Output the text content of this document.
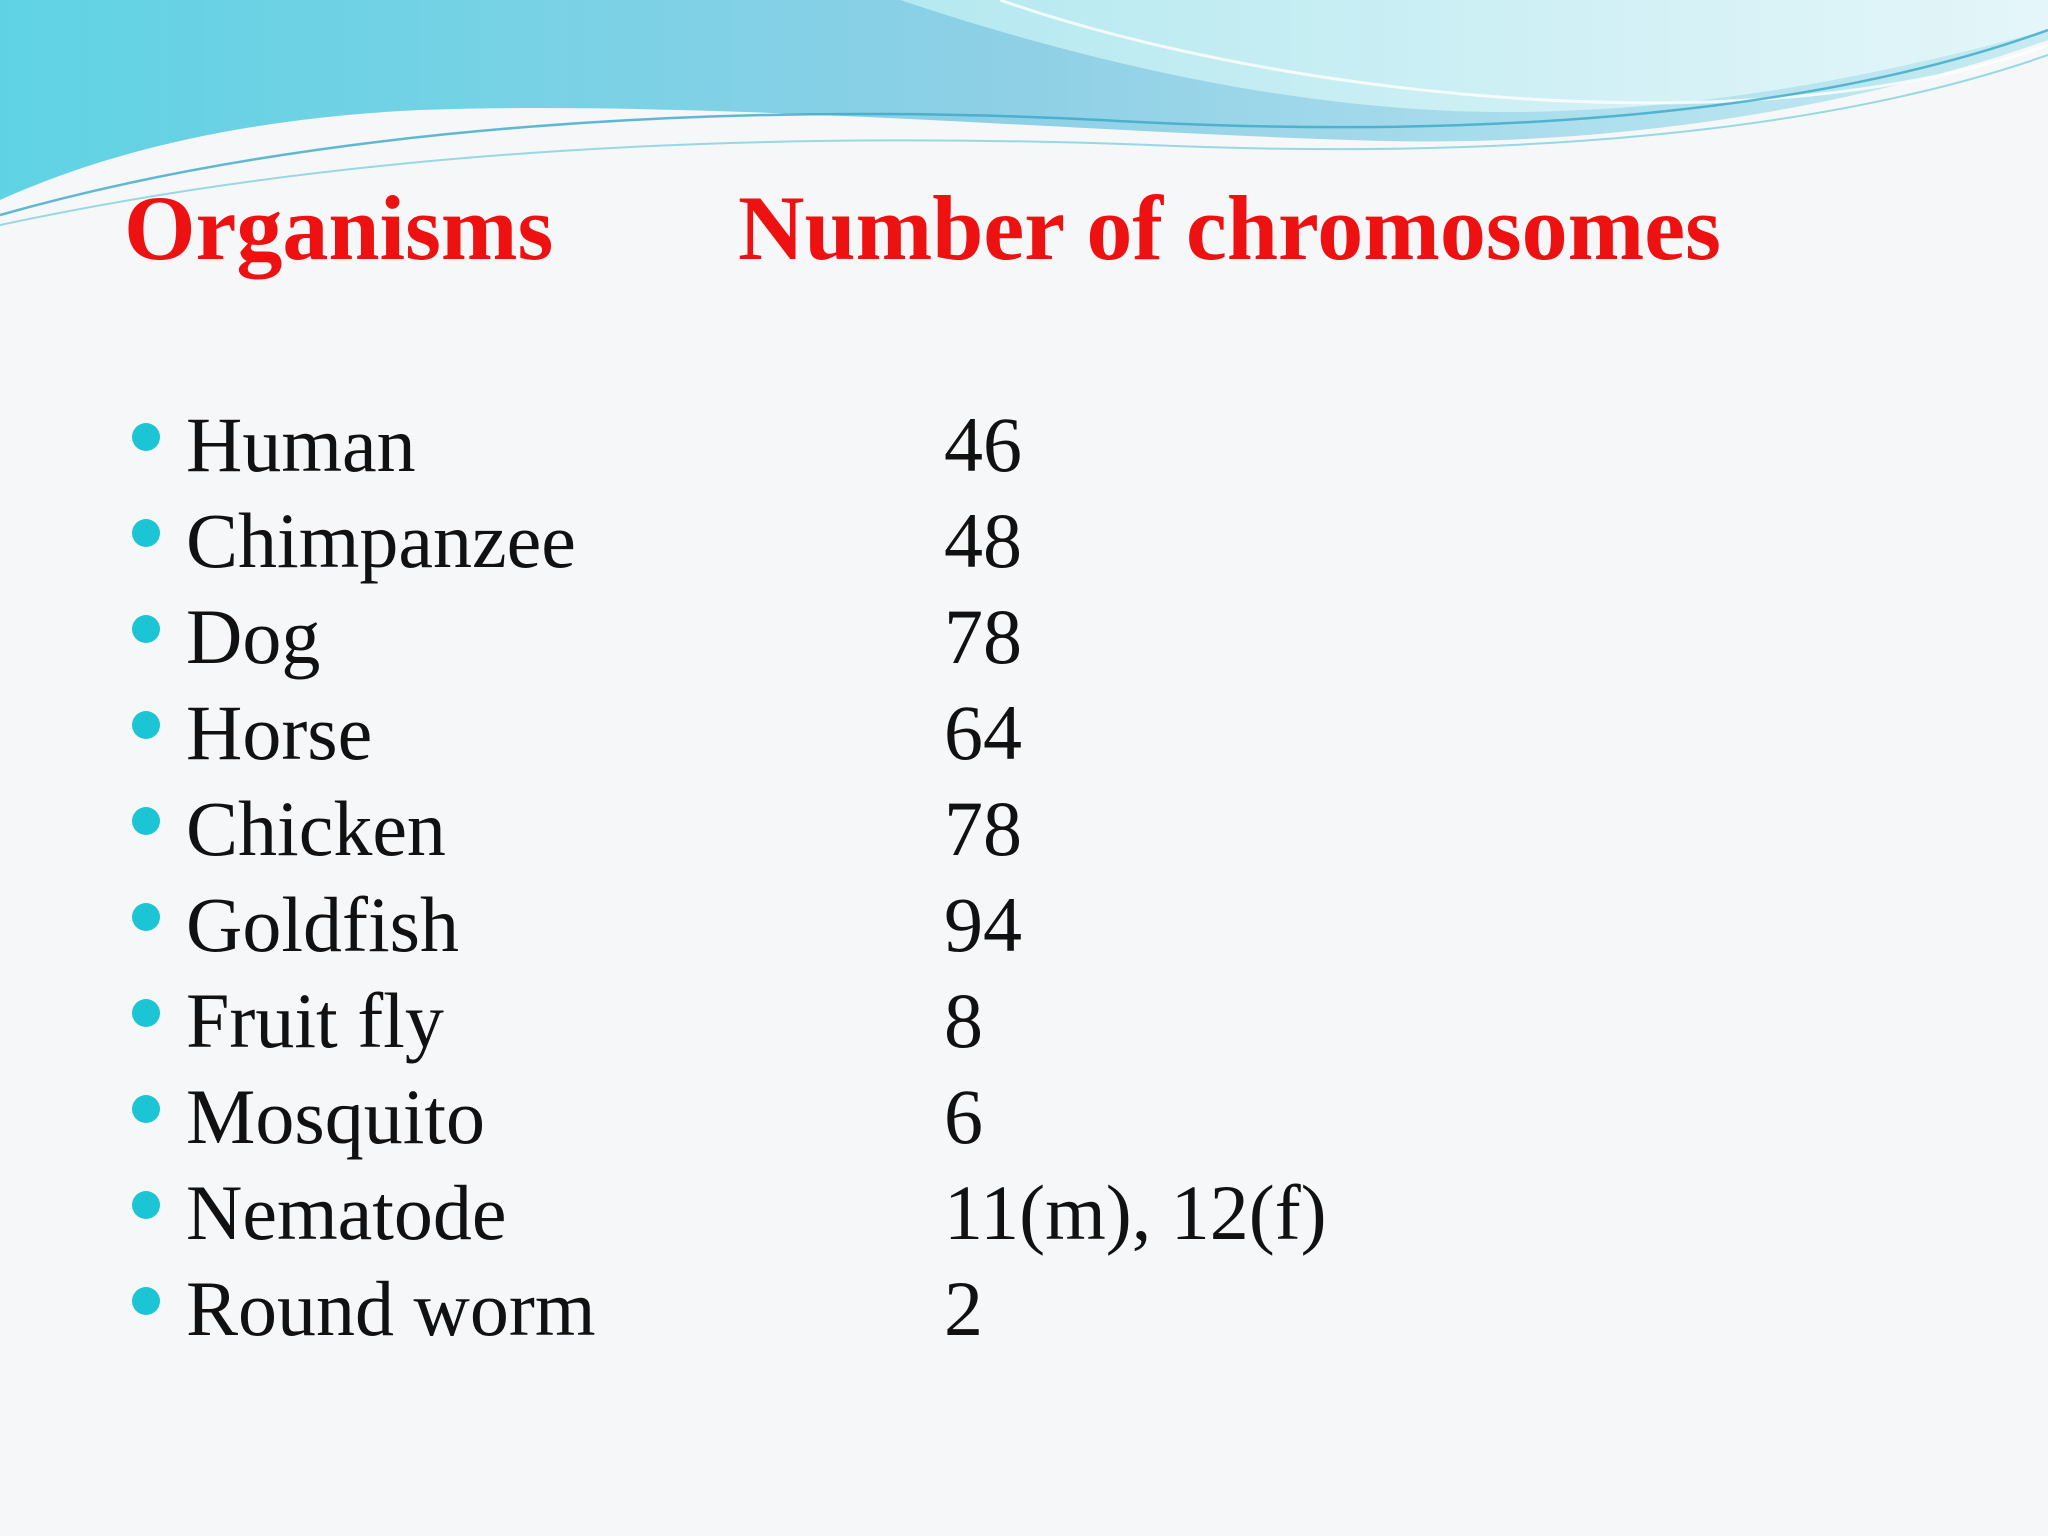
Organisms Number of chromosomes
Human	46
Chimpanzee	48
Dog	78
Horse	64
Chicken	78
Goldfish	94
Fruit fly	8
Mosquito	6
Nematode	11(m), 12(f)
Round worm	2
